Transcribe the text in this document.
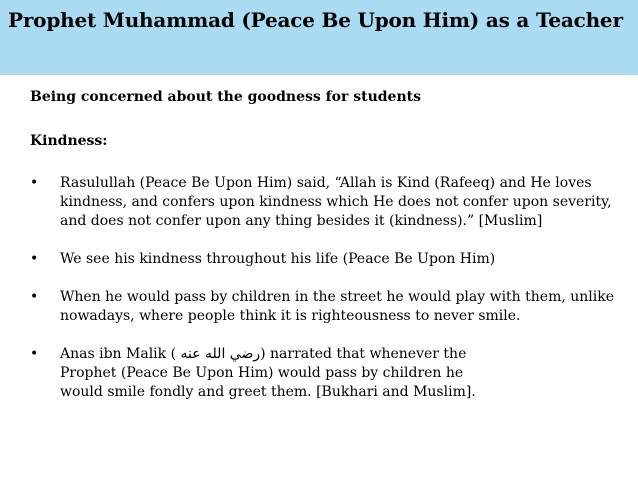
Prophet Muhammad (Peace Be Upon Him) as a Teacher

Being concerned about the goodness for students

Kindness:

• Rasulullah (Peace Be Upon Him) said, “Allah is Kind (Rafeeq) and He loves kindness, and confers upon kindness which He does not confer upon severity, and does not confer upon any thing besides it (kindness).” [Muslim]
• We see his kindness throughout his life (Peace Be Upon Him)
• When he would pass by children in the street he would play with them, unlike nowadays, where people think it is righteousness to never smile.
• Anas ibn Malik ( رضي الله عنه) narrated that whenever the Prophet (Peace Be Upon Him) would pass by children he would smile fondly and greet them. [Bukhari and Muslim].
